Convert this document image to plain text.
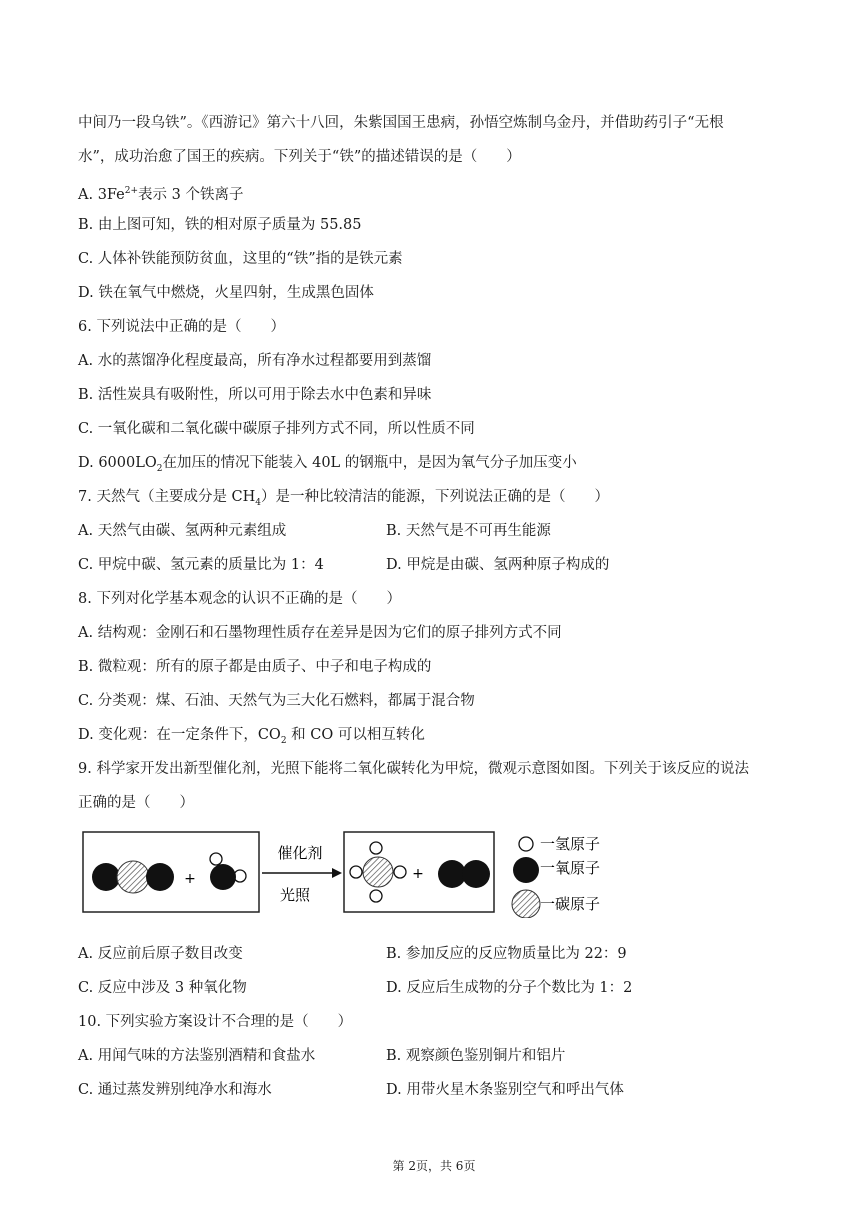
中间乃一段乌铁”。《西游记》第六十八回，朱紫国国王患病，孙悟空炼制乌金丹，并借助药引子“无根
水”，成功治愈了国王的疾病。下列关于“铁”的描述错误的是（　　）
A. $3Fe^{2+}$表示 3 个铁离子
B. 由上图可知，铁的相对原子质量为 55.85
C. 人体补铁能预防贫血，这里的“铁”指的是铁元素
D. 铁在氧气中燃烧，火星四射，生成黑色固体
6. 下列说法中正确的是（　　）
A. 水的蒸馏净化程度最高，所有净水过程都要用到蒸馏
B. 活性炭具有吸附性，所以可用于除去水中色素和异味
C. 一氧化碳和二氧化碳中碳原子排列方式不同，所以性质不同
D. $6000LO_2$在加压的情况下能装入 40L 的钢瓶中，是因为氧气分子加压变小
7. 天然气（主要成分是 $CH_4$）是一种比较清洁的能源，下列说法正确的是（　　）
A. 天然气由碳、氢两种元素组成	B. 天然气是不可再生能源
C. 甲烷中碳、氢元素的质量比为 1：4	D. 甲烷是由碳、氢两种原子构成的
8. 下列对化学基本观念的认识不正确的是（　　）
A. 结构观：金刚石和石墨物理性质存在差异是因为它们的原子排列方式不同
B. 微粒观：所有的原子都是由质子、中子和电子构成的
C. 分类观：煤、石油、天然气为三大化石燃料，都属于混合物
D. 变化观：在一定条件下，$CO_2$ 和 CO 可以相互转化
9. 科学家开发出新型催化剂，光照下能将二氧化碳转化为甲烷，微观示意图如图。下列关于该反应的说法
正确的是（　　）
+
催化剂
光照
+
一氢原子
一氧原子
一碳原子
A. 反应前后原子数目改变	B. 参加反应的反应物质量比为 22：9
C. 反应中涉及 3 种氧化物	D. 反应后生成物的分子个数比为 1：2
10. 下列实验方案设计不合理的是（　　）
A. 用闻气味的方法鉴别酒精和食盐水	B. 观察颜色鉴别铜片和铝片
C. 通过蒸发辨别纯净水和海水	D. 用带火星木条鉴别空气和呼出气体
第 2页，共 6页
